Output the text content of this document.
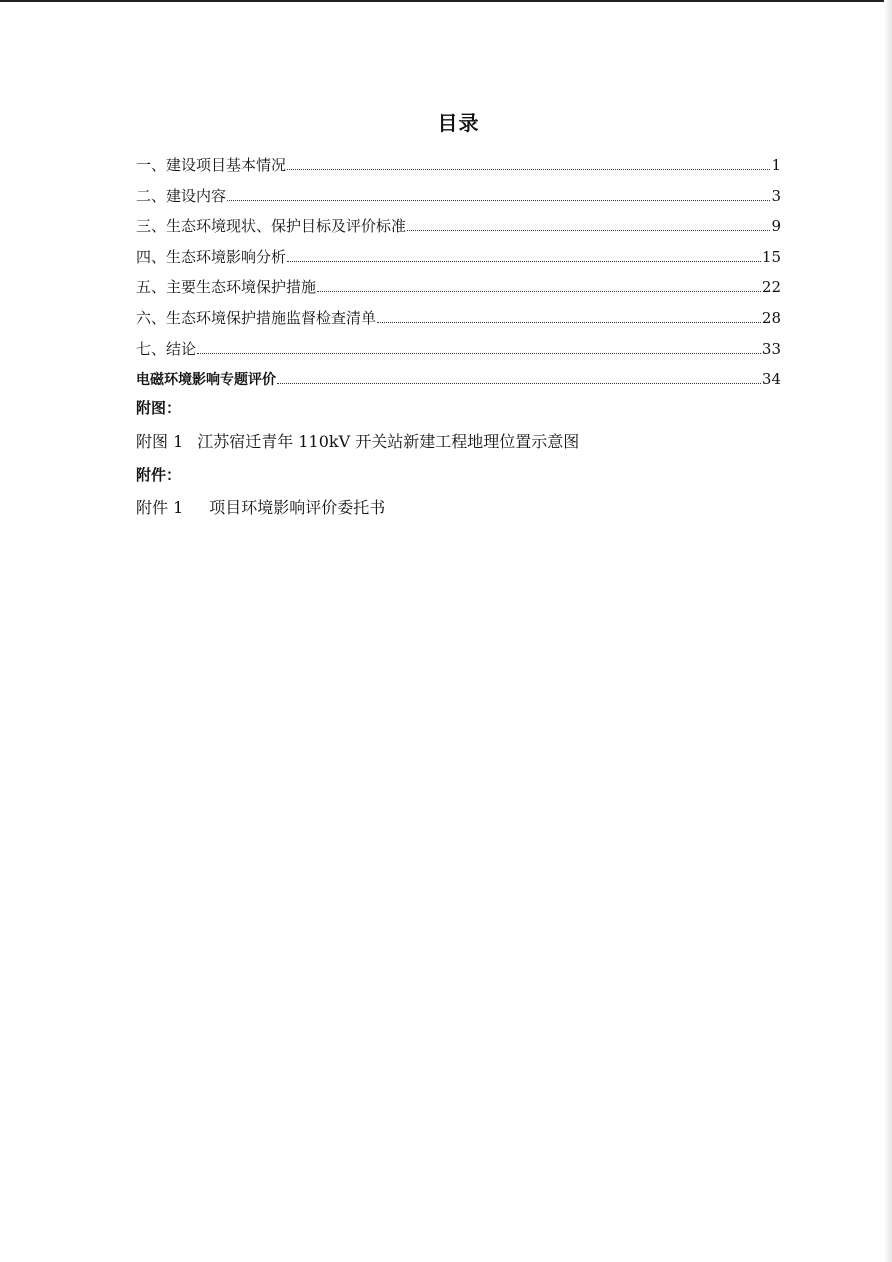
目录
一、建设项目基本情况	1
二、建设内容	3
三、生态环境现状、保护目标及评价标准	9
四、生态环境影响分析	15
五、主要生态环境保护措施	22
六、生态环境保护措施监督检查清单	28
七、结论	33
电磁环境影响专题评价	34
附图：
附图 1 江苏宿迁青年 110kV 开关站新建工程地理位置示意图
附件：
附件 1 项目环境影响评价委托书
